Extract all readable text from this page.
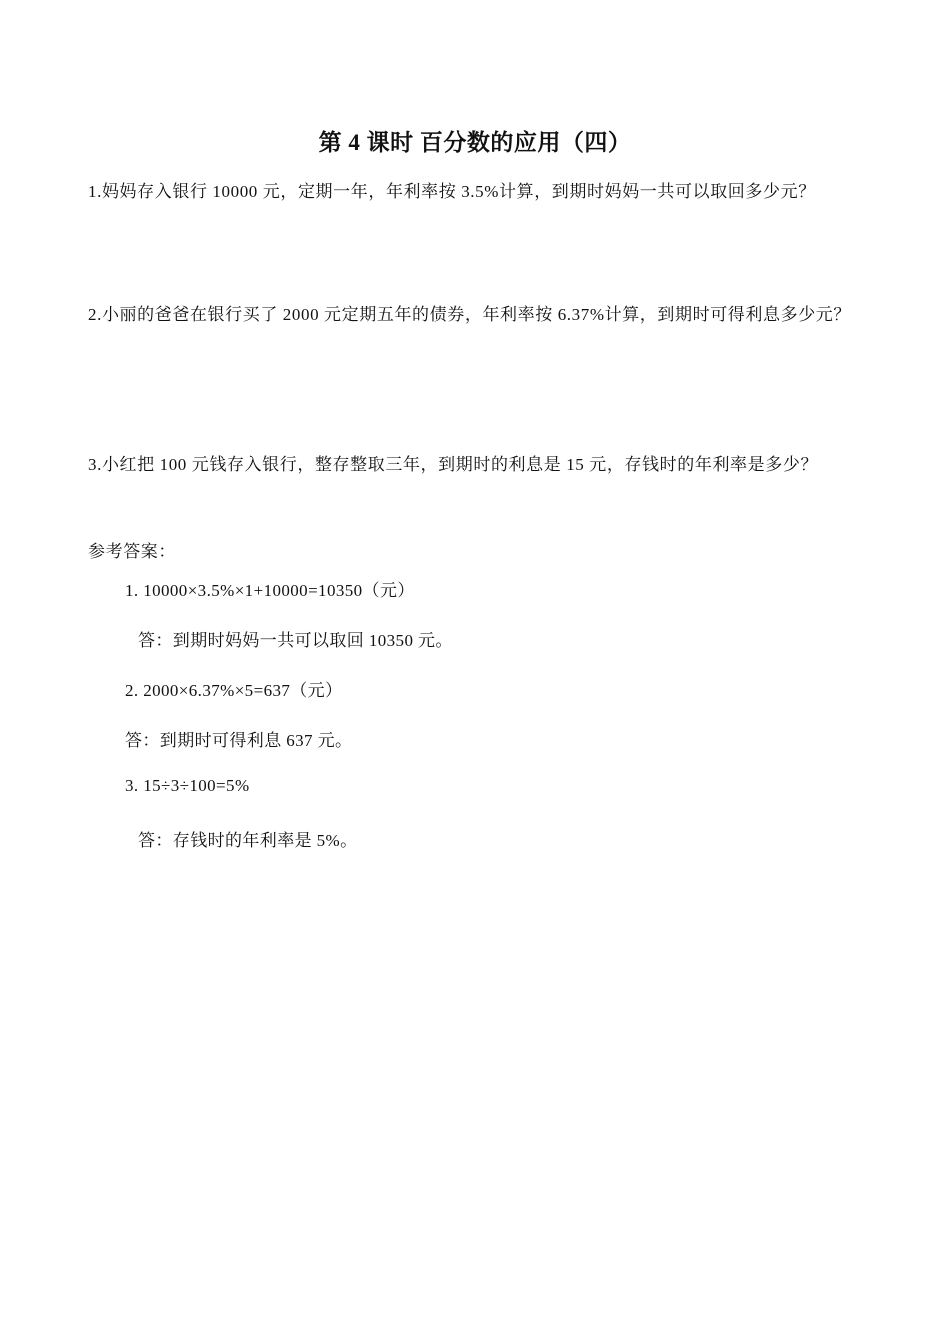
第 4 课时 百分数的应用（四）
1.妈妈存入银行 10000 元，定期一年，年利率按 3.5%计算，到期时妈妈一共可以取回多少元？
2.小丽的爸爸在银行买了 2000 元定期五年的债券，年利率按 6.37%计算，到期时可得利息多少元？
3.小红把 100 元钱存入银行，整存整取三年，到期时的利息是 15 元，存钱时的年利率是多少？
参考答案：
1. 10000×3.5%×1+10000=10350（元）
答：到期时妈妈一共可以取回 10350 元。
2. 2000×6.37%×5=637（元）
答：到期时可得利息 637 元。
3. 15÷3÷100=5%
答：存钱时的年利率是 5%。
